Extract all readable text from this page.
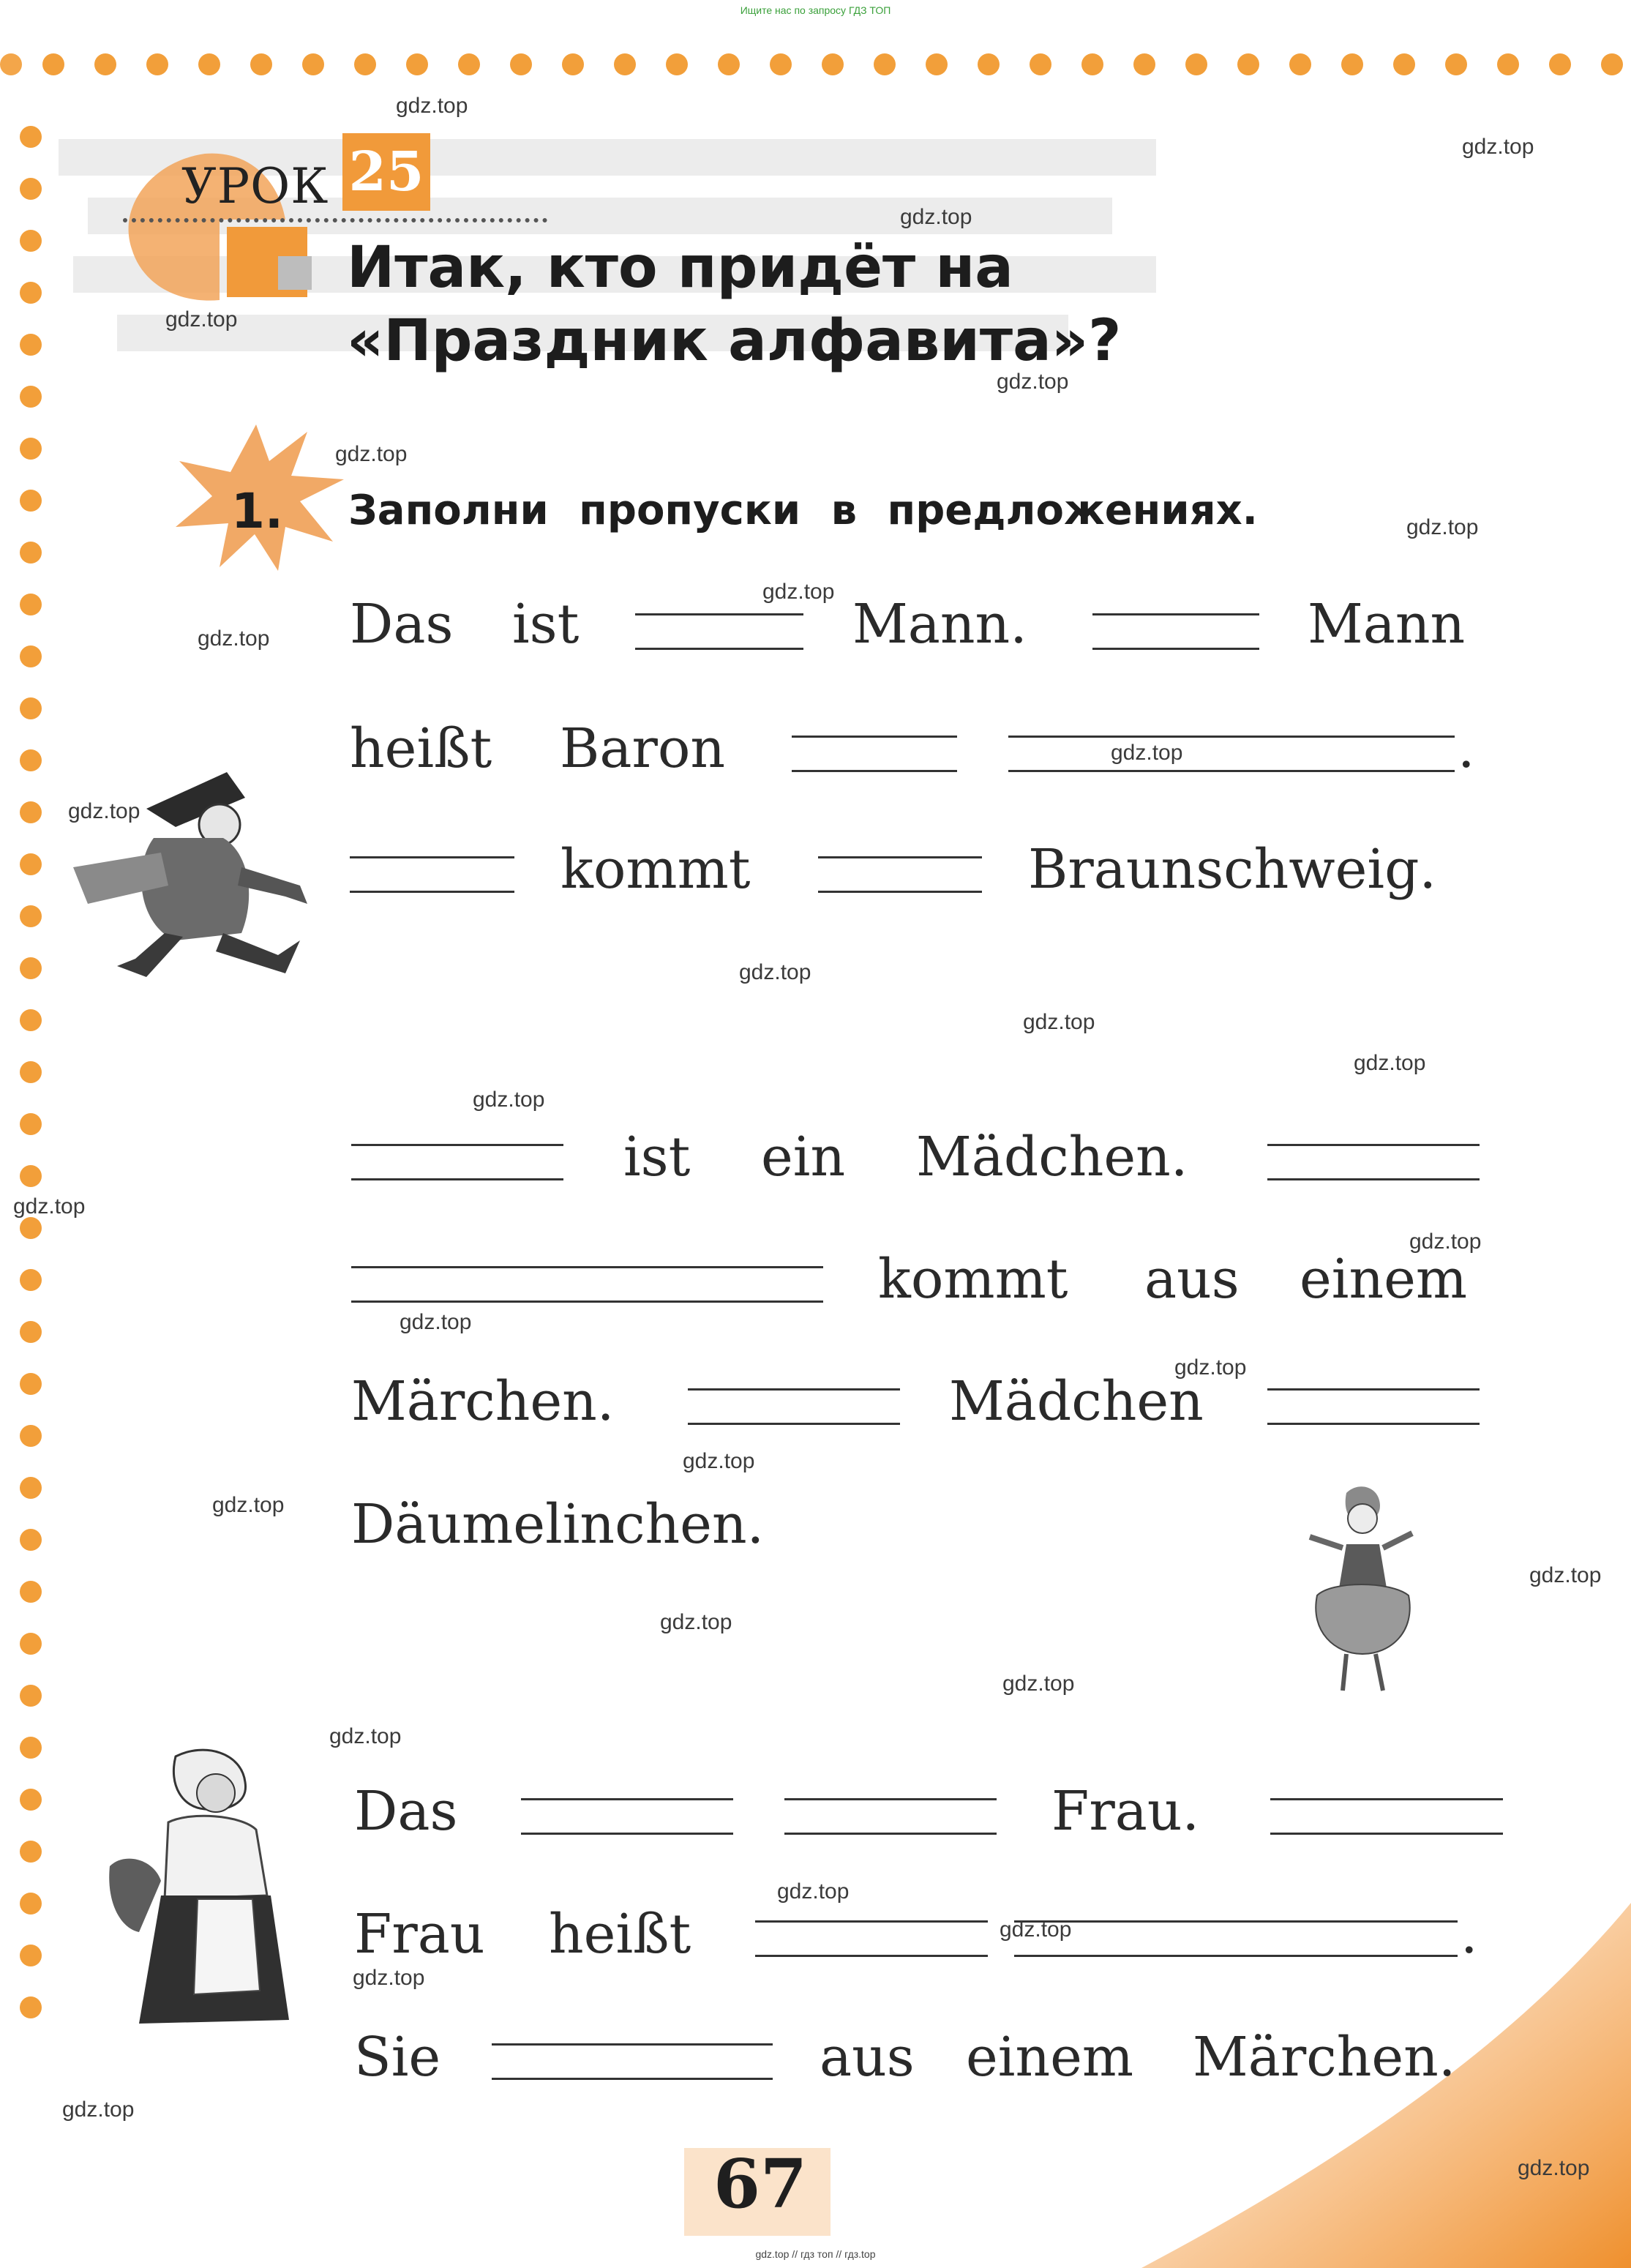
Ищите нас по запросу ГДЗ ТОП
gdz.top // гдз топ // гдз.top
УРОК 25
Итак, кто придёт на
«Праздник алфавита»?
1. Заполни пропуски в предложениях.
Das ist	Mann.	Mann
heißt Baron	.
kommt	Braunschweig.
ist ein Mädchen.
kommt aus einem
Märchen.	Mädchen
Däumelinchen.
Das	Frau.
Frau heißt	.
Sie	aus einem Märchen.
67
gdz.top
gdz.top
gdz.top
gdz.top
gdz.top
gdz.top
gdz.top
gdz.top
gdz.top
gdz.top
gdz.top
gdz.top
gdz.top
gdz.top
gdz.top
gdz.top
gdz.top
gdz.top
gdz.top
gdz.top
gdz.top
gdz.top
gdz.top
gdz.top
gdz.top
gdz.top
gdz.top
gdz.top
gdz.top
gdz.top
